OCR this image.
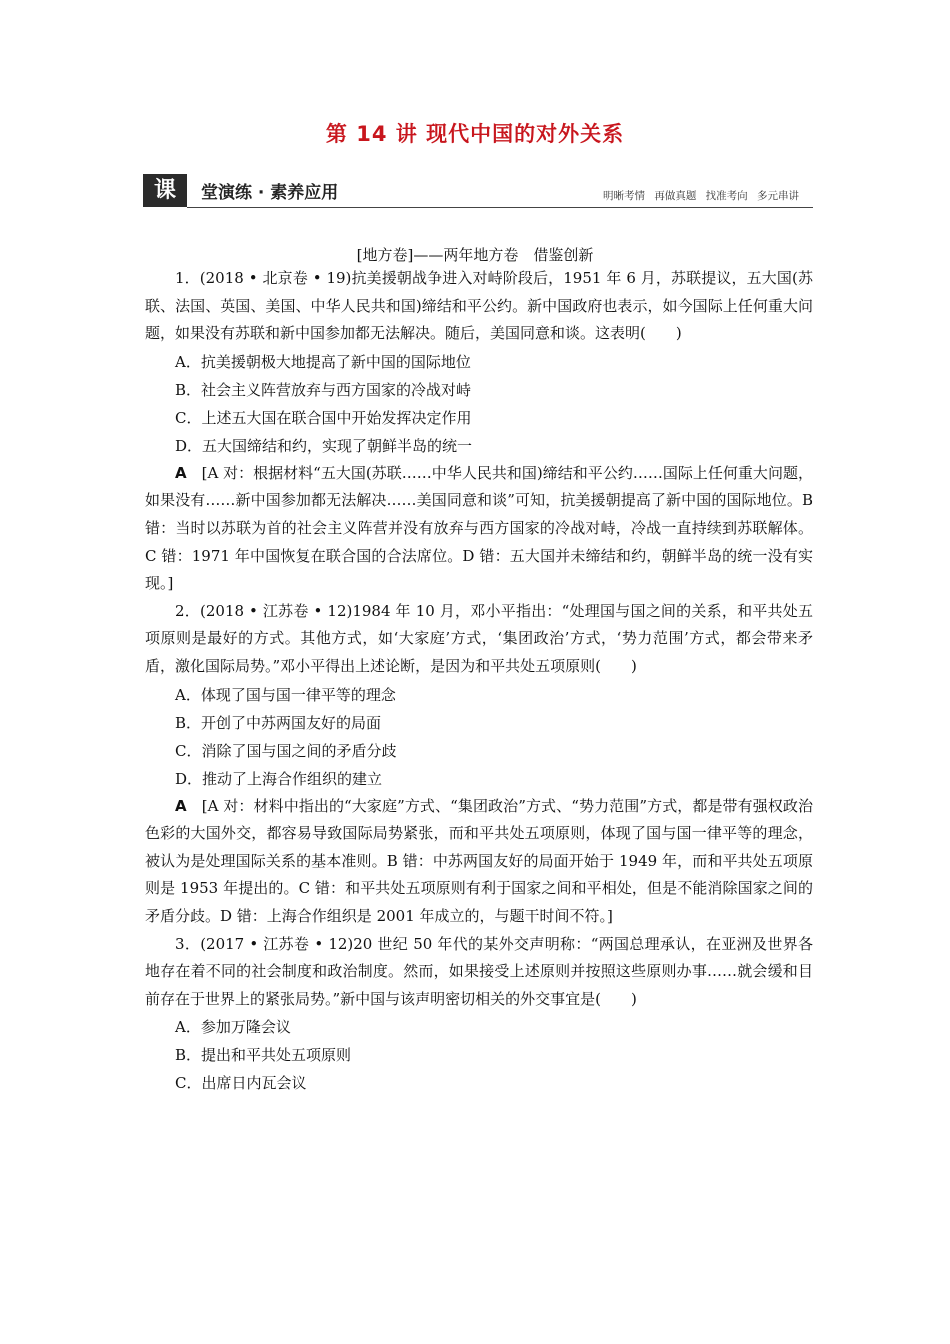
第 14 讲 现代中国的对外关系
课	堂演练 · 素养应用	明晰考情 再做真题 找准考向 多元串讲
[地方卷]——两年地方卷　借鉴创新

1．(2018 • 北京卷 • 19)抗美援朝战争进入对峙阶段后，1951 年 6 月，苏联提议，五大国(苏联、法国、英国、美国、中华人民共和国)缔结和平公约。新中国政府也表示，如今国际上任何重大问题，如果没有苏联和新中国参加都无法解决。随后，美国同意和谈。这表明(　　)

A．抗美援朝极大地提高了新中国的国际地位

B．社会主义阵营放弃与西方国家的冷战对峙

C．上述五大国在联合国中开始发挥决定作用

D．五大国缔结和约，实现了朝鲜半岛的统一

A　 [A 对：根据材料“五大国(苏联……中华人民共和国)缔结和平公约……国际上任何重大问题，如果没有……新中国参加都无法解决……美国同意和谈”可知，抗美援朝提高了新中国的国际地位。B 错：当时以苏联为首的社会主义阵营并没有放弃与西方国家的冷战对峙，冷战一直持续到苏联解体。C 错：1971 年中国恢复在联合国的合法席位。D 错：五大国并未缔结和约，朝鲜半岛的统一没有实现。]

2．(2018 • 江苏卷 • 12)1984 年 10 月，邓小平指出：“处理国与国之间的关系，和平共处五项原则是最好的方式。其他方式，如‘大家庭’方式，‘集团政治’方式，‘势力范围’方式，都会带来矛盾，激化国际局势。”邓小平得出上述论断，是因为和平共处五项原则(　　)

A．体现了国与国一律平等的理念

B．开创了中苏两国友好的局面

C．消除了国与国之间的矛盾分歧

D．推动了上海合作组织的建立

A　 [A 对：材料中指出的“大家庭”方式、“集团政治”方式、“势力范围”方式，都是带有强权政治色彩的大国外交，都容易导致国际局势紧张，而和平共处五项原则，体现了国与国一律平等的理念，被认为是处理国际关系的基本准则。B 错：中苏两国友好的局面开始于 1949 年，而和平共处五项原则是 1953 年提出的。C 错：和平共处五项原则有利于国家之间和平相处，但是不能消除国家之间的矛盾分歧。D 错：上海合作组织是 2001 年成立的，与题干时间不符。]

3．(2017 • 江苏卷 • 12)20 世纪 50 年代的某外交声明称：“两国总理承认，在亚洲及世界各地存在着不同的社会制度和政治制度。然而，如果接受上述原则并按照这些原则办事……就会缓和目前存在于世界上的紧张局势。”新中国与该声明密切相关的外交事宜是(　　)

A．参加万隆会议

B．提出和平共处五项原则

C．出席日内瓦会议
